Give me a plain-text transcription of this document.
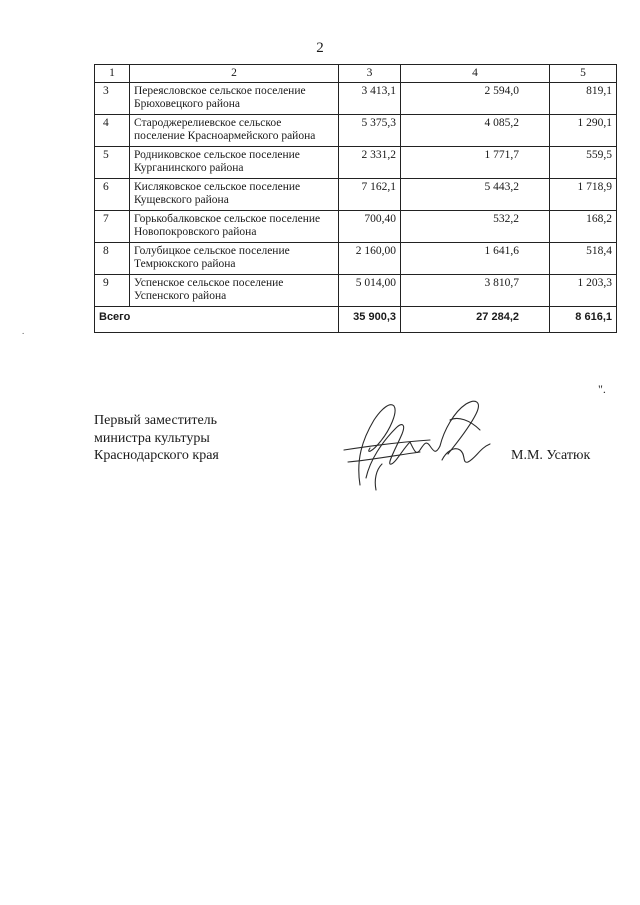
2
1	2	3	4	5
3	Переясловское сельское поселение Брюховецкого района	3 413,1	2 594,0	819,1
4	Староджерелиевское сельское поселение Красноармейского района	5 375,3	4 085,2	1 290,1
5	Родниковское сельское поселение Курганинского района	2 331,2	1 771,7	559,5
6	Кисляковское сельское поселение Кущевского района	7 162,1	5 443,2	1 718,9
7	Горькобалковское сельское поселение Новопокровского района	700,40	532,2	168,2
8	Голубицкое сельское поселение Темрюкского района	2 160,00	1 641,6	518,4
9	Успенское сельское поселение Успенского района	5 014,00	3 810,7	1 203,3
Всего		35 900,3	27 284,2	8 616,1
".
.
Первый заместитель
министра культуры
Краснодарского края	М.М. Усатюк
